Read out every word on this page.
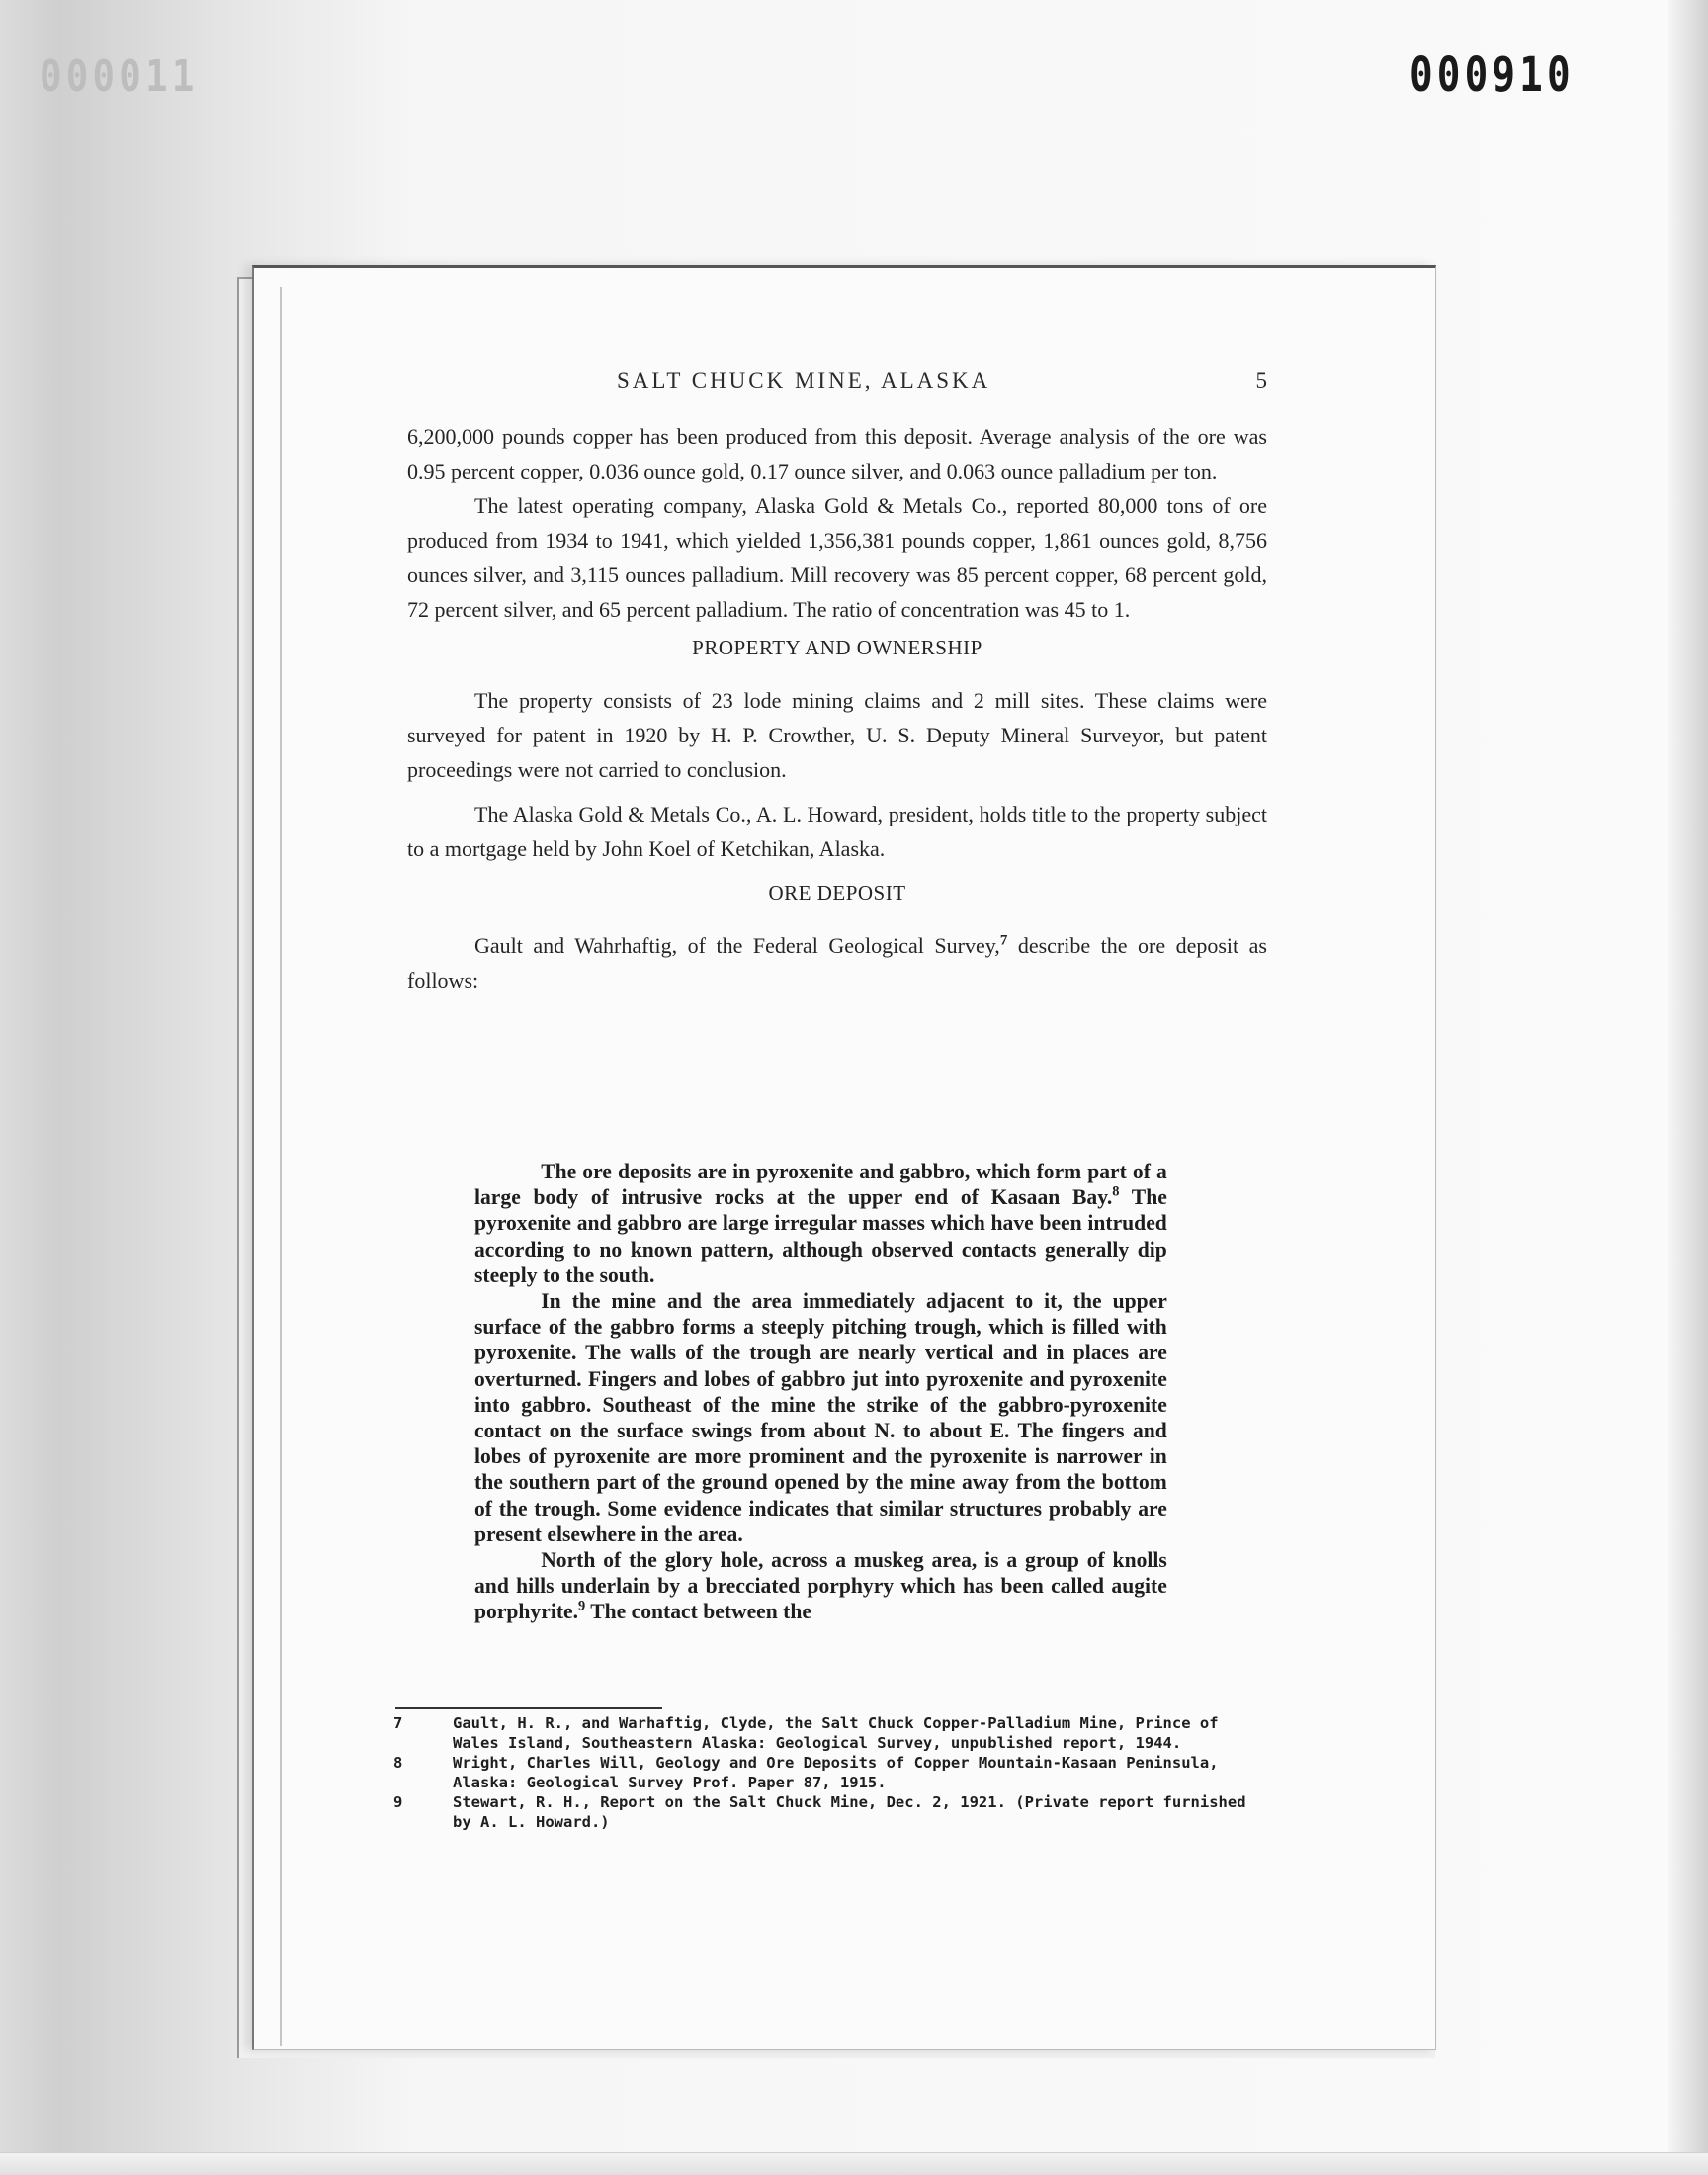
000011	000910
SALT CHUCK MINE, ALASKA	5

6,200,000 pounds copper has been produced from this deposit. Average analysis of the ore was 0.95 percent copper, 0.036 ounce gold, 0.17 ounce silver, and 0.063 ounce palladium per ton.

The latest operating company, Alaska Gold & Metals Co., reported 80,000 tons of ore produced from 1934 to 1941, which yielded 1,356,381 pounds copper, 1,861 ounces gold, 8,756 ounces silver, and 3,115 ounces palladium. Mill recovery was 85 percent copper, 68 percent gold, 72 percent silver, and 65 percent palladium. The ratio of concentration was 45 to 1.

PROPERTY AND OWNERSHIP

The property consists of 23 lode mining claims and 2 mill sites. These claims were surveyed for patent in 1920 by H. P. Crowther, U. S. Deputy Mineral Surveyor, but patent proceedings were not carried to conclusion.

The Alaska Gold & Metals Co., A. L. Howard, president, holds title to the property subject to a mortgage held by John Koel of Ketchikan, Alaska.

ORE DEPOSIT

Gault and Wahrhaftig, of the Federal Geological Survey,$^7$ describe the ore deposit as follows:

The ore deposits are in pyroxenite and gabbro, which form part of a large body of intrusive rocks at the upper end of Kasaan Bay.$^8$ The pyroxenite and gabbro are large irregular masses which have been intruded according to no known pattern, although observed contacts generally dip steeply to the south.

In the mine and the area immediately adjacent to it, the upper surface of the gabbro forms a steeply pitching trough, which is filled with pyroxenite. The walls of the trough are nearly vertical and in places are overturned. Fingers and lobes of gabbro jut into pyroxenite and pyroxenite into gabbro. Southeast of the mine the strike of the gabbro-pyroxenite contact on the surface swings from about N. to about E. The fingers and lobes of pyroxenite are more prominent and the pyroxenite is narrower in the southern part of the ground opened by the mine away from the bottom of the trough. Some evidence indicates that similar structures probably are present elsewhere in the area.

North of the glory hole, across a muskeg area, is a group of knolls and hills underlain by a brecciated porphyry which has been called augite porphyrite.$^9$ The contact between the

7	Gault, H. R., and Warhaftig, Clyde, the Salt Chuck Copper-Palladium Mine, Prince of Wales Island, Southeastern Alaska: Geological Survey, unpublished report, 1944.
8	Wright, Charles Will, Geology and Ore Deposits of Copper Mountain-Kasaan Peninsula, Alaska: Geological Survey Prof. Paper 87, 1915.
9	Stewart, R. H., Report on the Salt Chuck Mine, Dec. 2, 1921. (Private report furnished by A. L. Howard.)
